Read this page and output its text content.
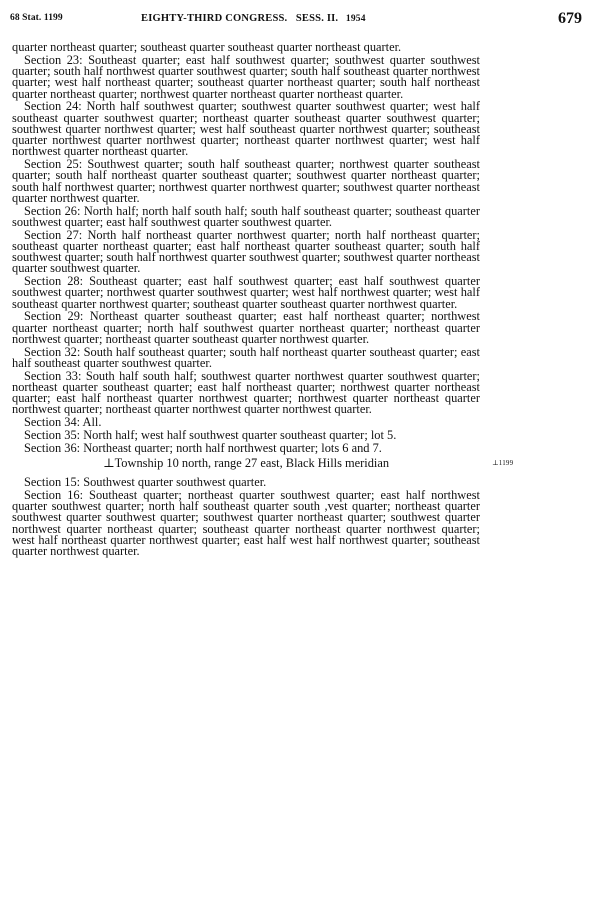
68 Stat. 1199	EIGHTY-THIRD CONGRESS. SESS. II. 1954	679

quarter northeast quarter; southeast quarter southeast quarter northeast quarter.

Section 23: Southeast quarter; east half southwest quarter; southwest quarter southwest quarter; south half northwest quarter southwest quarter; south half southeast quarter northwest quarter; west half northeast quarter; southeast quarter northeast quarter; south half northeast quarter northeast quarter; northwest quarter northeast quarter northeast quarter.

Section 24: North half southwest quarter; southwest quarter southwest quarter; west half southeast quarter southwest quarter; northeast quarter southeast quarter southwest quarter; southwest quarter northwest quarter; west half southeast quarter northwest quarter; southeast quarter northwest quarter northwest quarter; northeast quarter northwest quarter; west half northwest quarter northeast quarter.

Section 25: Southwest quarter; south half southeast quarter; northwest quarter southeast quarter; south half northeast quarter southeast quarter; southwest quarter northeast quarter; south half northwest quarter; northwest quarter northwest quarter; southwest quarter northeast quarter northwest quarter.

Section 26: North half; north half south half; south half southeast quarter; southeast quarter southwest quarter; east half southwest quarter southwest quarter.

Section 27: North half northeast quarter northwest quarter; north half northeast quarter; southeast quarter northeast quarter; east half northeast quarter southeast quarter; south half southwest quarter; south half northwest quarter southwest quarter; southwest quarter northeast quarter southwest quarter.

Section 28: Southeast quarter; east half southwest quarter; east half southwest quarter southwest quarter; northwest quarter southwest quarter; west half northwest quarter; west half southeast quarter northwest quarter; southeast quarter southeast quarter northwest quarter.

Section 29: Northeast quarter southeast quarter; east half northeast quarter; northwest quarter northeast quarter; north half southwest quarter northeast quarter; northeast quarter northwest quarter; northeast quarter southeast quarter northwest quarter.

Section 32: South half southeast quarter; south half northeast quarter southeast quarter; east half southeast quarter southwest quarter.

Section 33: South half south half; southwest quarter northwest quarter southwest quarter; northeast quarter southeast quarter; east half northeast quarter; northwest quarter northeast quarter; east half northeast quarter northwest quarter; northwest quarter northeast quarter northwest quarter; northeast quarter northwest quarter northwest quarter.

Section 34: All.

Section 35: North half; west half southwest quarter southeast quarter; lot 5.

Section 36: Northeast quarter; north half northwest quarter; lots 6 and 7.

⊥Township 10 north, range 27 east, Black Hills meridian

Section 15: Southwest quarter southwest quarter.

Section 16: Southeast quarter; northeast quarter southwest quarter; east half northwest quarter southwest quarter; north half southeast quarter south ,vest quarter; northeast quarter southwest quarter southwest quarter; southwest quarter northeast quarter; southwest quarter northwest quarter northeast quarter; southeast quarter northeast quarter northwest quarter; west half northeast quarter northwest quarter; east half west half northwest quarter; southeast quarter northwest quarter.

⊥1199
